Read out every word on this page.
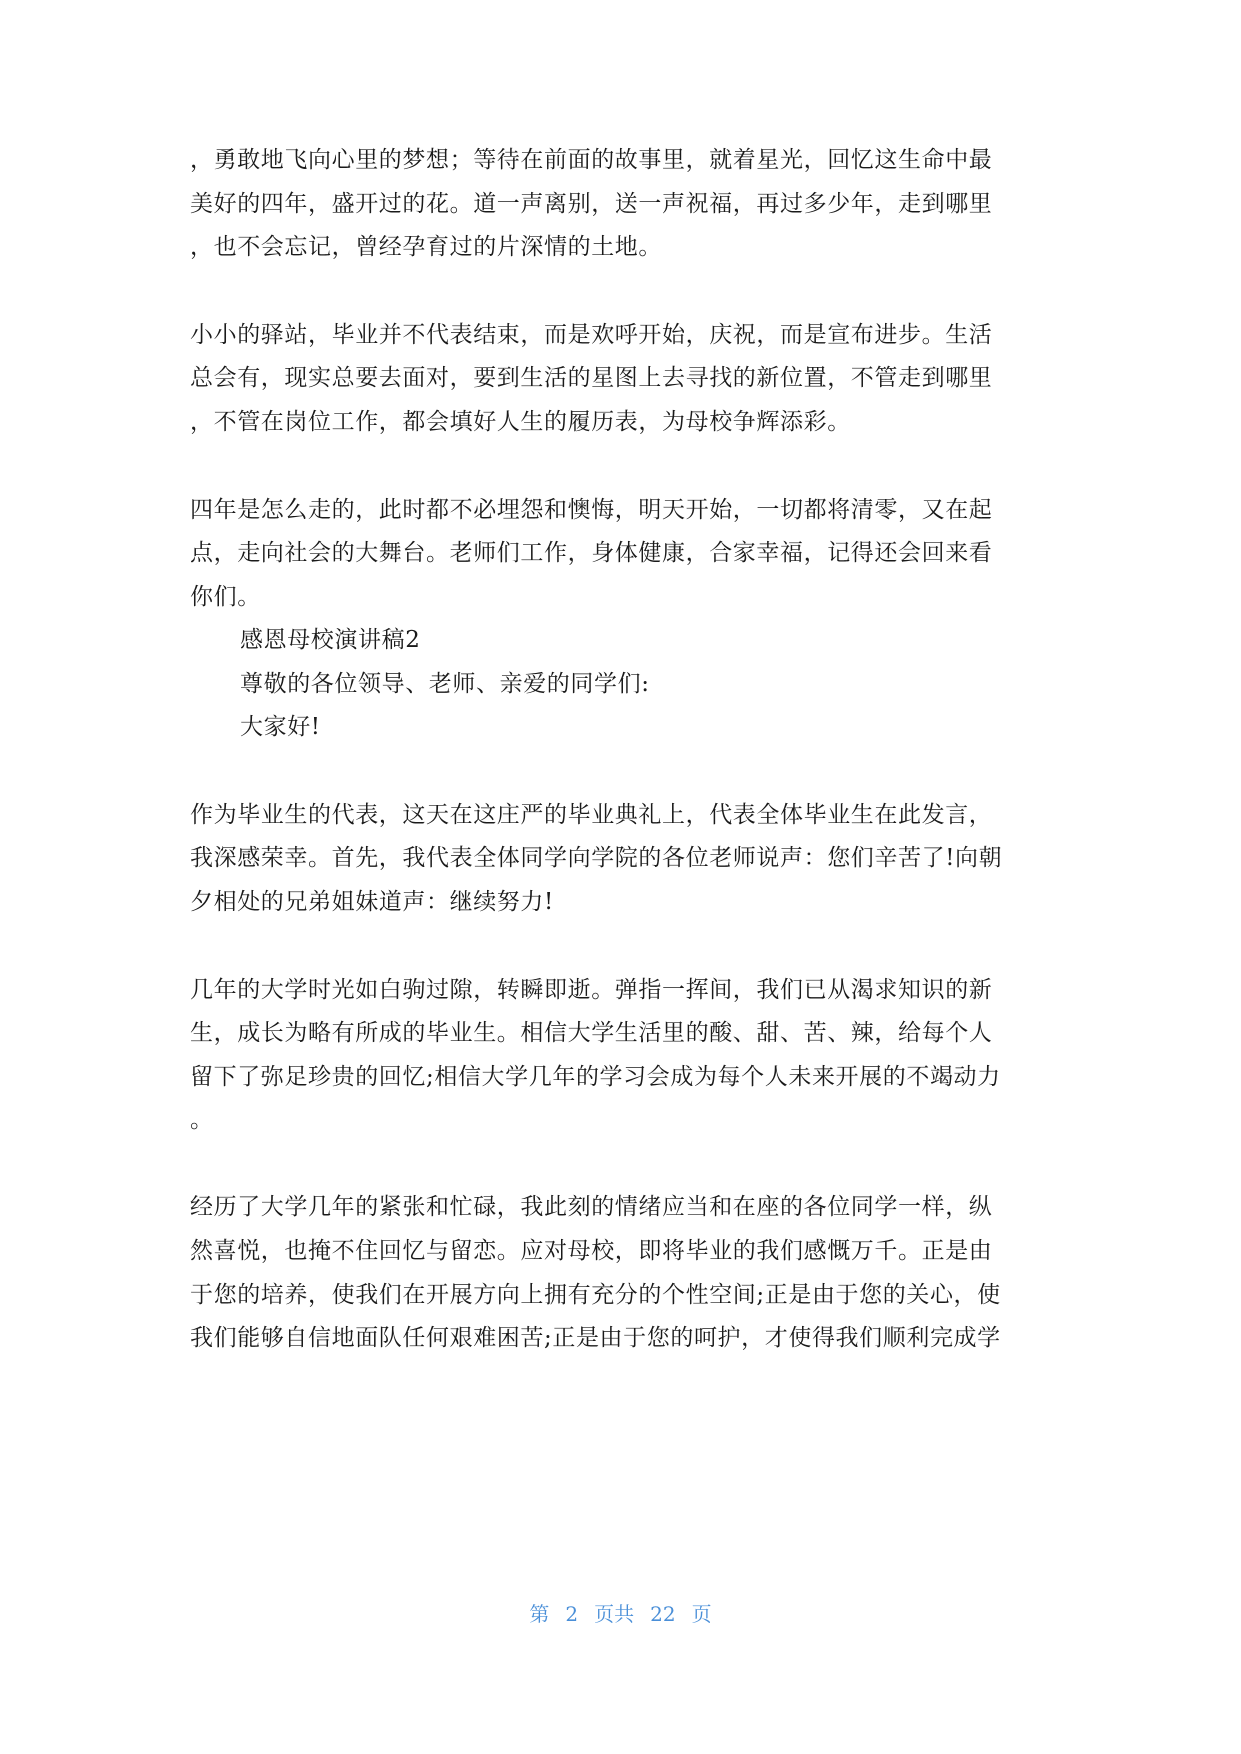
，勇敢地飞向心里的梦想；等待在前面的故事里，就着星光，回忆这生命中最
美好的四年，盛开过的花。道一声离别，送一声祝福，再过多少年，走到哪里
，也不会忘记，曾经孕育过的片深情的土地。
小小的驿站，毕业并不代表结束，而是欢呼开始，庆祝，而是宣布进步。生活
总会有，现实总要去面对，要到生活的星图上去寻找的新位置，不管走到哪里
，不管在岗位工作，都会填好人生的履历表，为母校争辉添彩。
四年是怎么走的，此时都不必埋怨和懊悔，明天开始，一切都将清零，又在起
点，走向社会的大舞台。老师们工作，身体健康，合家幸福，记得还会回来看
你们。
感恩母校演讲稿2
尊敬的各位领导、老师、亲爱的同学们:
大家好!
作为毕业生的代表，这天在这庄严的毕业典礼上，代表全体毕业生在此发言，
我深感荣幸。首先，我代表全体同学向学院的各位老师说声：您们辛苦了!向朝
夕相处的兄弟姐妹道声：继续努力!
几年的大学时光如白驹过隙，转瞬即逝。弹指一挥间，我们已从渴求知识的新
生，成长为略有所成的毕业生。相信大学生活里的酸、甜、苦、辣，给每个人
留下了弥足珍贵的回忆;相信大学几年的学习会成为每个人未来开展的不竭动力
。
经历了大学几年的紧张和忙碌，我此刻的情绪应当和在座的各位同学一样，纵
然喜悦，也掩不住回忆与留恋。应对母校，即将毕业的我们感慨万千。正是由
于您的培养，使我们在开展方向上拥有充分的个性空间;正是由于您的关心，使
我们能够自信地面队任何艰难困苦;正是由于您的呵护，才使得我们顺利完成学
第 2 页共 22 页
